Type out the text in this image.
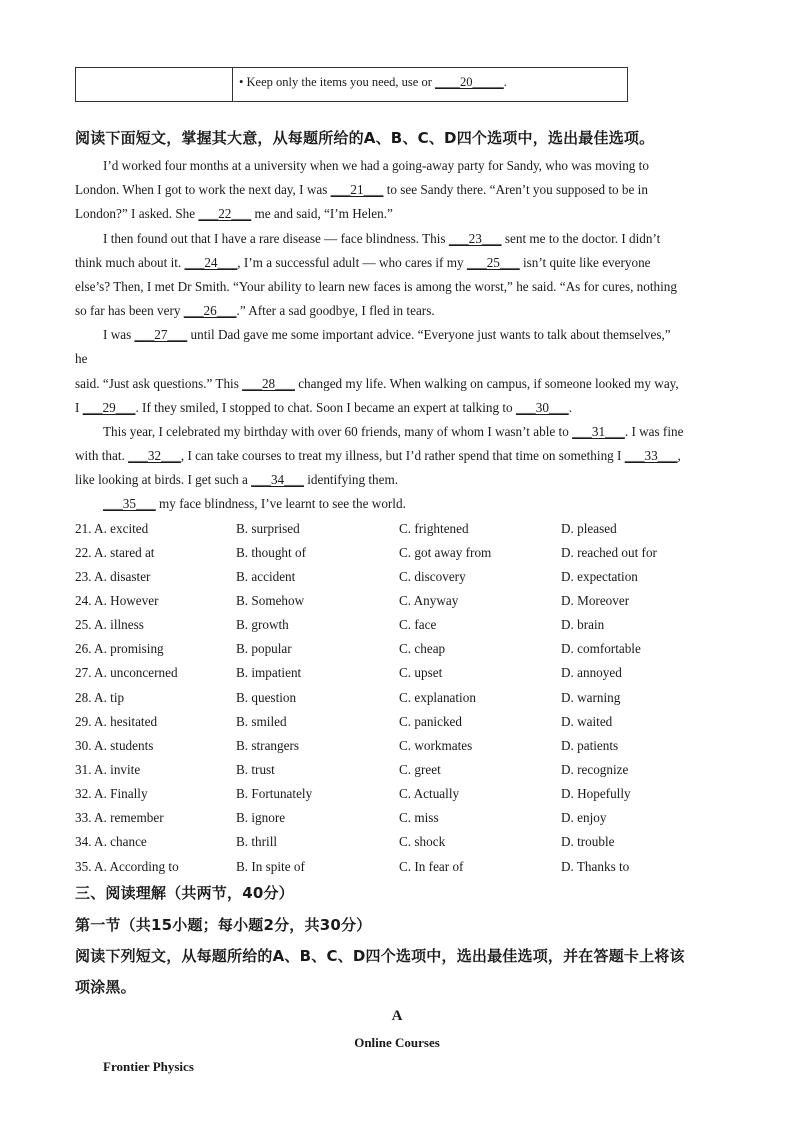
• Keep only the items you need, use or ____20_____.
阅读下面短文，掌握其大意，从每题所给的A、B、C、D四个选项中，选出最佳选项。
I’d worked four months at a university when we had a going-away party for Sandy, who was moving to
London. When I got to work the next day, I was ___21___ to see Sandy there. “Aren’t you supposed to be in
London?” I asked. She ___22___ me and said, “I’m Helen.”
I then found out that I have a rare disease — face blindness. This ___23___ sent me to the doctor. I didn’t
think much about it. ___24___, I’m a successful adult — who cares if my ___25___ isn’t quite like everyone
else’s? Then, I met Dr Smith. “Your ability to learn new faces is among the worst,” he said. “As for cures, nothing
so far has been very ___26___.” After a sad goodbye, I fled in tears.
I was ___27___ until Dad gave me some important advice. “Everyone just wants to talk about themselves,”
he
said. “Just ask questions.” This ___28___ changed my life. When walking on campus, if someone looked my way,
I ___29___. If they smiled, I stopped to chat. Soon I became an expert at talking to ___30___.
This year, I celebrated my birthday with over 60 friends, many of whom I wasn’t able to ___31___. I was fine
with that. ___32___, I can take courses to treat my illness, but I’d rather spend that time on something I ___33___,
like looking at birds. I get such a ___34___ identifying them.
___35___ my face blindness, I’ve learnt to see the world.
21. A. excited	B. surprised	C. frightened	D. pleased
22. A. stared at	B. thought of	C. got away from	D. reached out for
23. A. disaster	B. accident	C. discovery	D. expectation
24. A. However	B. Somehow	C. Anyway	D. Moreover
25. A. illness	B. growth	C. face	D. brain
26. A. promising	B. popular	C. cheap	D. comfortable
27. A. unconcerned	B. impatient	C. upset	D. annoyed
28. A. tip	B. question	C. explanation	D. warning
29. A. hesitated	B. smiled	C. panicked	D. waited
30. A. students	B. strangers	C. workmates	D. patients
31. A. invite	B. trust	C. greet	D. recognize
32. A. Finally	B. Fortunately	C. Actually	D. Hopefully
33. A. remember	B. ignore	C. miss	D. enjoy
34. A. chance	B. thrill	C. shock	D. trouble
35. A. According to	B. In spite of	C. In fear of	D. Thanks to
三、阅读理解（共两节，40分）
第一节（共15小题；每小题2分，共30分）
阅读下列短文，从每题所给的A、B、C、D四个选项中，选出最佳选项，并在答题卡上将该
项涂黑。
A
Online Courses
Frontier Physics
